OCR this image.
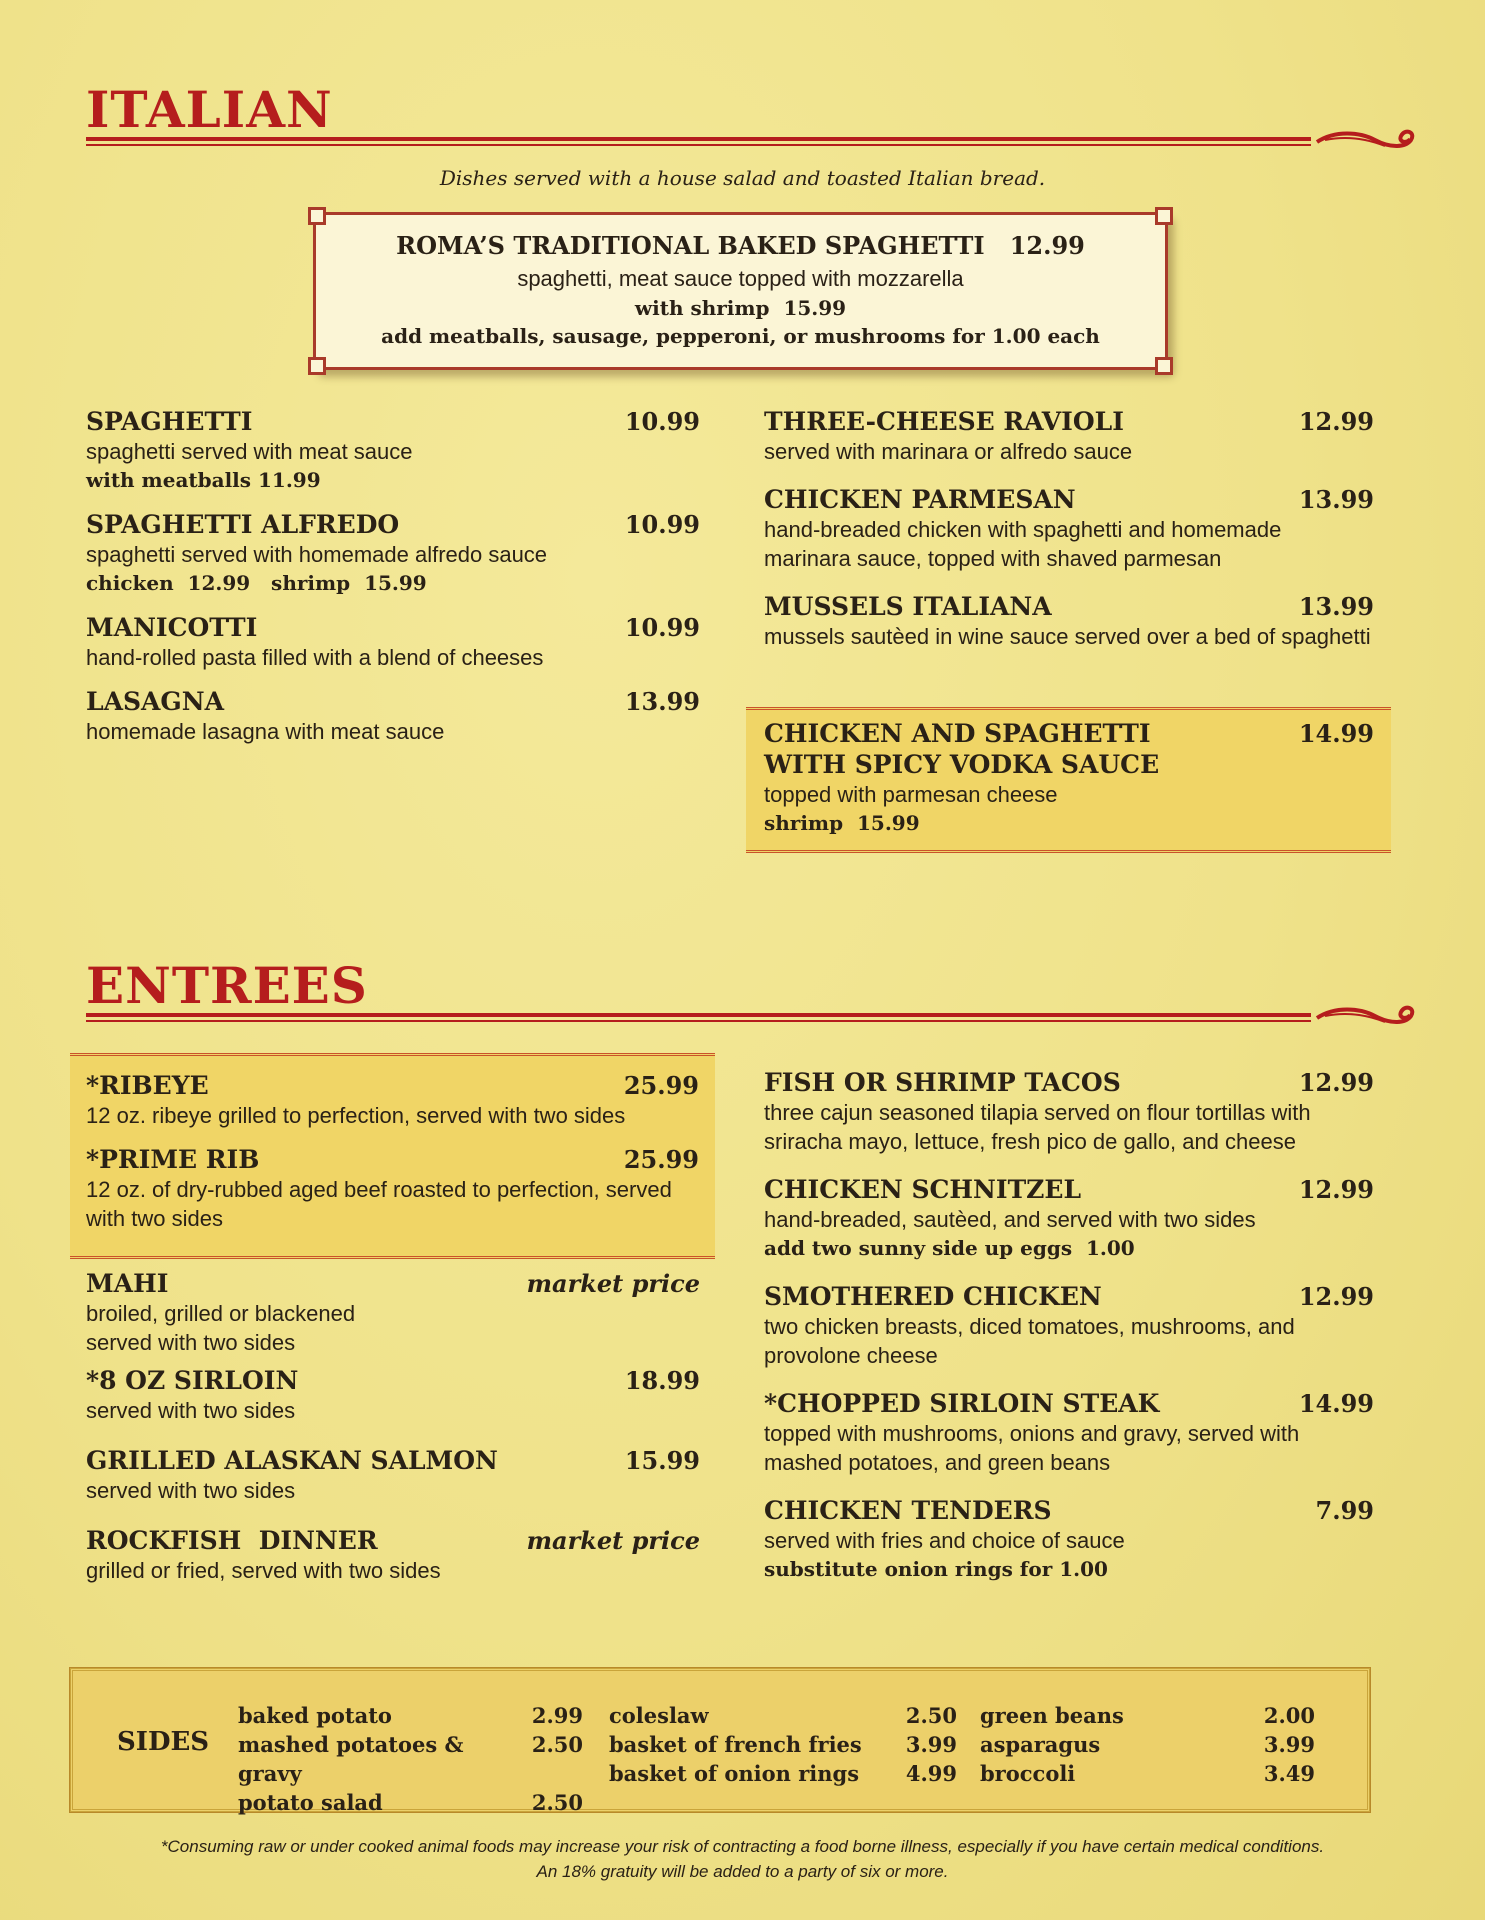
ITALIAN
Dishes served with a house salad and toasted Italian bread.
ROMA’S TRADITIONAL BAKED SPAGHETTI   12.99
spaghetti, meat sauce topped with mozzarella
with shrimp  15.99
add meatballs, sausage, pepperoni, or mushrooms for 1.00 each
SPAGHETTI	10.99
spaghetti served with meat sauce
with meatballs 11.99
SPAGHETTI ALFREDO	10.99
spaghetti served with homemade alfredo sauce
chicken  12.99   shrimp  15.99
MANICOTTI	10.99
hand-rolled pasta filled with a blend of cheeses
LASAGNA	13.99
homemade lasagna with meat sauce
THREE-CHEESE RAVIOLI	12.99
served with marinara or alfredo sauce
CHICKEN PARMESAN	13.99
hand-breaded chicken with spaghetti and homemade marinara sauce, topped with shaved parmesan
MUSSELS ITALIANA	13.99
mussels sautèed in wine sauce served over a bed of spaghetti
CHICKEN AND SPAGHETTI WITH SPICY VODKA SAUCE
14.99
topped with parmesan cheese
shrimp  15.99
ENTREES
*RIBEYE	25.99
12 oz. ribeye grilled to perfection, served with two sides
*PRIME RIB	25.99
12 oz. of dry-rubbed aged beef roasted to perfection, served with two sides
MAHI	market price
broiled, grilled or blackened served with two sides
*8 OZ SIRLOIN	18.99
served with two sides
GRILLED ALASKAN SALMON	15.99
served with two sides
ROCKFISH  DINNER	market price
grilled or fried, served with two sides
FISH OR SHRIMP TACOS	12.99
three cajun seasoned tilapia served on flour tortillas with sriracha mayo, lettuce, fresh pico de gallo, and cheese
CHICKEN SCHNITZEL	12.99
hand-breaded, sautèed, and served with two sides
add two sunny side up eggs  1.00
SMOTHERED CHICKEN	12.99
two chicken breasts, diced tomatoes, mushrooms, and provolone cheese
*CHOPPED SIRLOIN STEAK	14.99
topped with mushrooms, onions and gravy, served with mashed potatoes, and green beans
CHICKEN TENDERS	7.99
served with fries and choice of sauce
substitute onion rings for 1.00
SIDES
baked potato	2.99
mashed potatoes & gravy
2.50
potato salad	2.50
coleslaw	2.50
basket of french fries 3.99
basket of onion rings 4.99
green beans	2.00
asparagus	3.99
broccoli	3.49
*Consuming raw or under cooked animal foods may increase your risk of contracting a food borne illness, especially if you have certain medical conditions.
An 18% gratuity will be added to a party of six or more.
